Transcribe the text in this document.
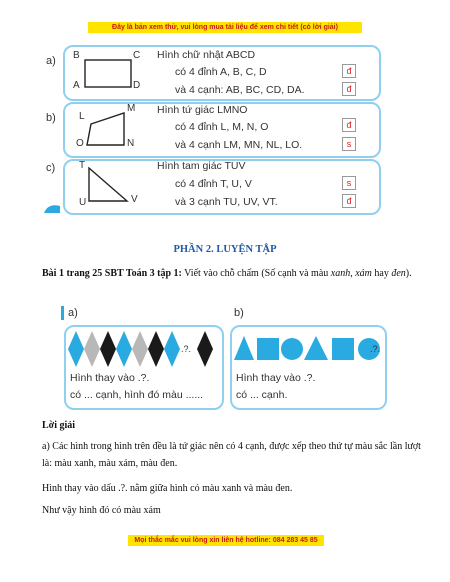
Đây là bản xem thử, vui lòng mua tài liệu để xem chi tiết (có lời giải)
a) B	C
A	D
Hình chữ nhật ABCD
có 4 đỉnh A, B, C, D
và 4 cạnh: AB, BC, CD, DA.
đ
đ
b) L
M
O	N
Hình tứ giác LMNO
có 4 đỉnh L, M, N, O
và 4 cạnh LM, MN, NL, LO.
đ
s
c) T
U	V
Hình tam giác TUV
có 4 đỉnh T, U, V
và 3 cạnh TU, UV, VT.
s
đ
PHẦN 2. LUYỆN TẬP
Bài 1 trang 25 SBT Toán 3 tập 1: Viết vào chỗ chấm (Số cạnh và màu xanh, xám hay đen).
a)
.?.
Hình thay vào .?.
có ... cạnh, hình đó màu ......
b)
.?.
Hình thay vào .?.
có ... cạnh.
Lời giải
a) Các hình trong hình trên đều là tứ giác nên có 4 cạnh, được xếp theo thứ tự màu sắc lần lượt là: màu xanh, màu xám, màu đen.
Hình thay vào dấu .?. nằm giữa hình có màu xanh và màu đen.
Như vậy hình đó có màu xám
Mọi thắc mắc vui lòng xin liên hệ hotline: 084 283 45 85
